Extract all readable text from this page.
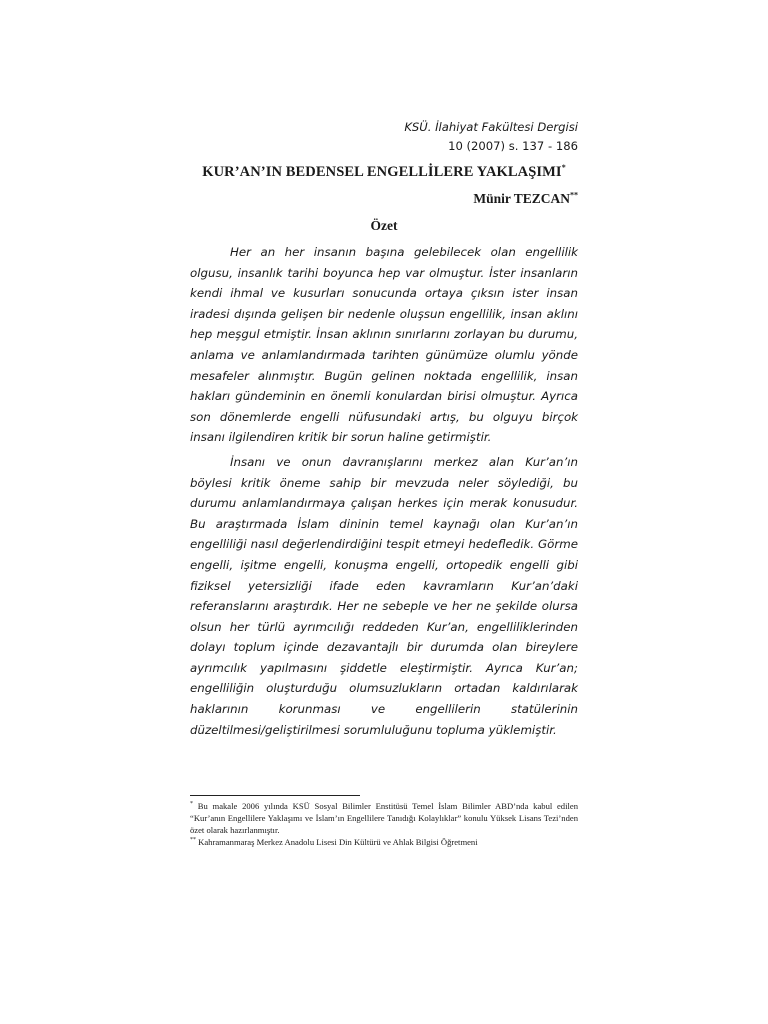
KSÜ. İlahiyat Fakültesi Dergisi
10 (2007) s. 137 - 186
KUR’AN’IN BEDENSEL ENGELLİLERE YAKLAŞIMI*
Münir TEZCAN**
Özet

Her an her insanın başına gelebilecek olan engellilik olgusu, insanlık tarihi boyunca hep var olmuştur. İster insanların kendi ihmal ve kusurları sonucunda ortaya çıksın ister insan iradesi dışında gelişen bir nedenle oluşsun engellilik, insan aklını hep meşgul etmiştir. İnsan aklının sınırlarını zorlayan bu durumu, anlama ve anlamlandırmada tarihten günümüze olumlu yönde mesafeler alınmıştır. Bugün gelinen noktada engellilik, insan hakları gündeminin en önemli konulardan birisi olmuştur. Ayrıca son dönemlerde engelli nüfusundaki artış, bu olguyu birçok insanı ilgilendiren kritik bir sorun haline getirmiştir.

İnsanı ve onun davranışlarını merkez alan Kur’an’ın böylesi kritik öneme sahip bir mevzuda neler söylediği, bu durumu anlamlandırmaya çalışan herkes için merak konusudur. Bu araştırmada İslam dininin temel kaynağı olan Kur’an’ın engelliliği nasıl değerlendirdiğini tespit etmeyi hedefledik. Görme engelli, işitme engelli, konuşma engelli, ortopedik engelli gibi fiziksel yetersizliği ifade eden kavramların Kur’an’daki referanslarını araştırdık. Her ne sebeple ve her ne şekilde olursa olsun her türlü ayrımcılığı reddeden Kur’an, engelliliklerinden dolayı toplum içinde dezavantajlı bir durumda olan bireylere ayrımcılık yapılmasını şiddetle eleştirmiştir. Ayrıca Kur’an; engelliliğin oluşturduğu olumsuzlukların ortadan kaldırılarak haklarının korunması ve engellilerin statülerinin düzeltilmesi/geliştirilmesi sorumluluğunu topluma yüklemiştir.

* Bu makale 2006 yılında KSÜ Sosyal Bilimler Enstitüsü Temel İslam Bilimler ABD’nda kabul edilen “Kur’anın Engellilere Yaklaşımı ve İslam’ın Engellilere Tanıdığı Kolaylıklar” konulu Yüksek Lisans Tezi’nden özet olarak hazırlanmıştır.

** Kahramanmaraş Merkez Anadolu Lisesi Din Kültürü ve Ahlak Bilgisi Öğretmeni
